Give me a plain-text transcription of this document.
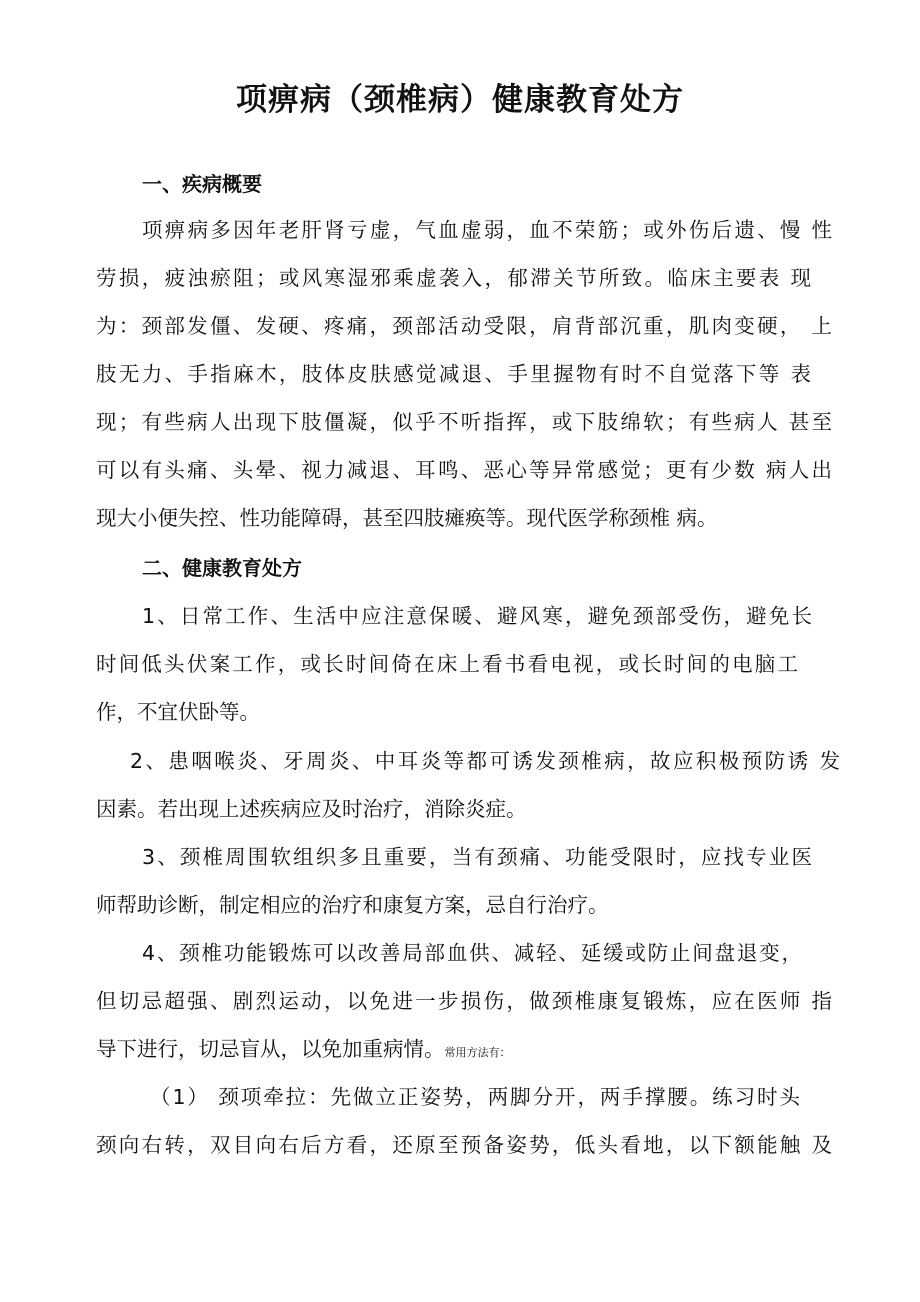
项痹病（颈椎病）健康教育处方
一、疾病概要
项痹病多因年老肝肾亏虚，气血虚弱，血不荣筋；或外伤后遗、慢 性
劳损，疲浊瘀阻；或风寒湿邪乘虚袭入，郁滞关节所致。临床主要表 现
为：颈部发僵、发硬、疼痛，颈部活动受限，肩背部沉重，肌肉变硬， 上
肢无力、手指麻木，肢体皮肤感觉减退、手里握物有时不自觉落下等 表
现；有些病人出现下肢僵凝，似乎不听指挥，或下肢绵软；有些病人 甚至
可以有头痛、头晕、视力减退、耳鸣、恶心等异常感觉；更有少数 病人出
现大小便失控、性功能障碍，甚至四肢瘫痪等。现代医学称颈椎 病。
二、健康教育处方
1、日常工作、生活中应注意保暖、避风寒，避免颈部受伤，避免长
时间低头伏案工作，或长时间倚在床上看书看电视，或长时间的电脑工
作，不宜伏卧等。
2、患咽喉炎、牙周炎、中耳炎等都可诱发颈椎病，故应积极预防诱 发
因素。若出现上述疾病应及时治疗，消除炎症。
3、颈椎周围软组织多且重要，当有颈痛、功能受限时，应找专业医
师帮助诊断，制定相应的治疗和康复方案，忌自行治疗。
4、颈椎功能锻炼可以改善局部血供、减轻、延缓或防止间盘退变，
但切忌超强、剧烈运动，以免进一步损伤，做颈椎康复锻炼，应在医师 指
导下进行，切忌盲从，以免加重病情。常用方法有：
（1） 颈项牵拉：先做立正姿势，两脚分开，两手撑腰。练习时头
颈向右转，双目向右后方看，还原至预备姿势，低头看地，以下额能触 及
